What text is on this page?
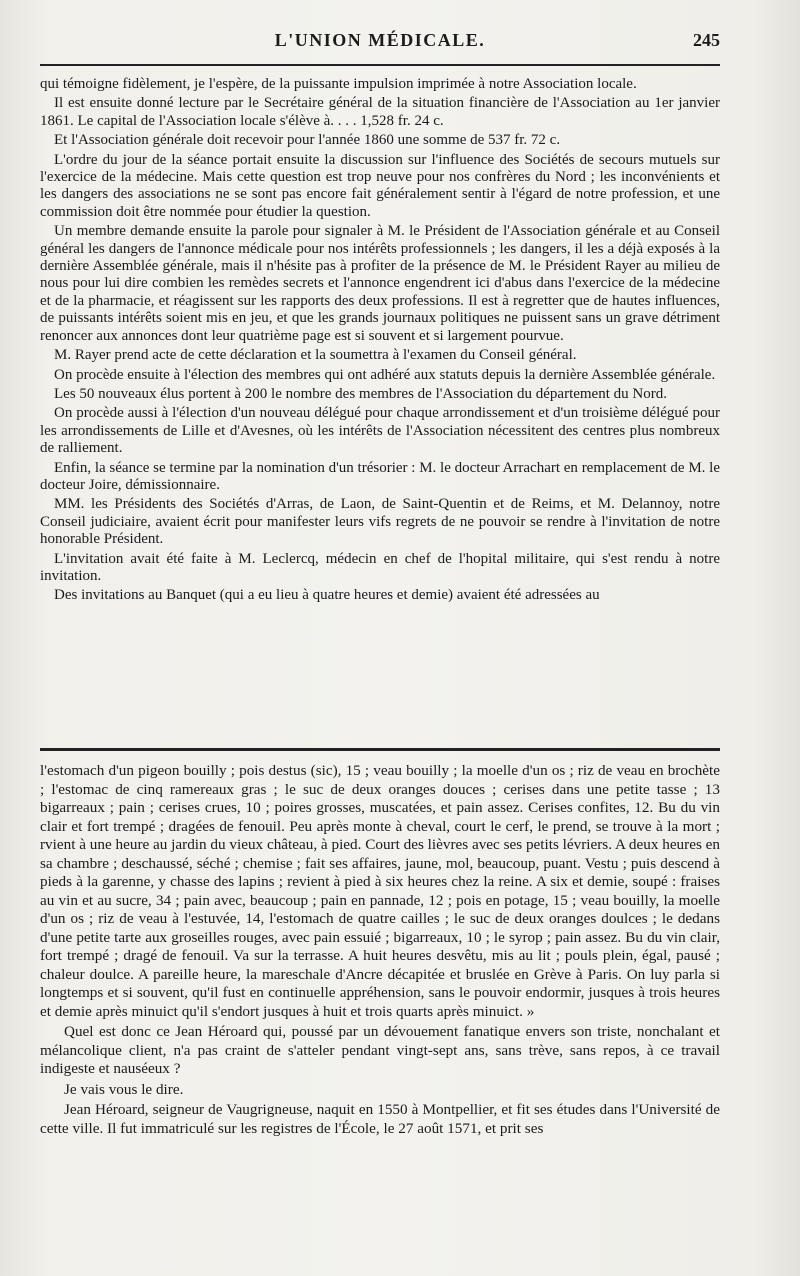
L'UNION MÉDICALE.	245

qui témoigne fidèlement, je l'espère, de la puissante impulsion imprimée à notre Association locale.

Il est ensuite donné lecture par le Secrétaire général de la situation financière de l'Association au 1er janvier 1861. Le capital de l'Association locale s'élève à. . . . 1,528 fr. 24 c.

Et l'Association générale doit recevoir pour l'année 1860 une somme de 537 fr. 72 c.

L'ordre du jour de la séance portait ensuite la discussion sur l'influence des Sociétés de secours mutuels sur l'exercice de la médecine. Mais cette question est trop neuve pour nos confrères du Nord ; les inconvénients et les dangers des associations ne se sont pas encore fait généralement sentir à l'égard de notre profession, et une commission doit être nommée pour étudier la question.

Un membre demande ensuite la parole pour signaler à M. le Président de l'Association générale et au Conseil général les dangers de l'annonce médicale pour nos intérêts professionnels ; les dangers, il les a déjà exposés à la dernière Assemblée générale, mais il n'hésite pas à profiter de la présence de M. le Président Rayer au milieu de nous pour lui dire combien les remèdes secrets et l'annonce engendrent ici d'abus dans l'exercice de la médecine et de la pharmacie, et réagissent sur les rapports des deux professions. Il est à regretter que de hautes influences, de puissants intérêts soient mis en jeu, et que les grands journaux politiques ne puissent sans un grave détriment renoncer aux annonces dont leur quatrième page est si souvent et si largement pourvue.

M. Rayer prend acte de cette déclaration et la soumettra à l'examen du Conseil général.

On procède ensuite à l'élection des membres qui ont adhéré aux statuts depuis la dernière Assemblée générale.

Les 50 nouveaux élus portent à 200 le nombre des membres de l'Association du département du Nord.

On procède aussi à l'élection d'un nouveau délégué pour chaque arrondissement et d'un troisième délégué pour les arrondissements de Lille et d'Avesnes, où les intérêts de l'Association nécessitent des centres plus nombreux de ralliement.

Enfin, la séance se termine par la nomination d'un trésorier : M. le docteur Arrachart en remplacement de M. le docteur Joire, démissionnaire.

MM. les Présidents des Sociétés d'Arras, de Laon, de Saint-Quentin et de Reims, et M. Delannoy, notre Conseil judiciaire, avaient écrit pour manifester leurs vifs regrets de ne pouvoir se rendre à l'invitation de notre honorable Président.

L'invitation avait été faite à M. Leclercq, médecin en chef de l'hopital militaire, qui s'est rendu à notre invitation.

Des invitations au Banquet (qui a eu lieu à quatre heures et demie) avaient été adressées au

l'estomach d'un pigeon bouilly ; pois destus (sic), 15 ; veau bouilly ; la moelle d'un os ; riz de veau en brochète ; l'estomac de cinq ramereaux gras ; le suc de deux oranges douces ; cerises dans une petite tasse ; 13 bigarreaux ; pain ; cerises crues, 10 ; poires grosses, muscatées, et pain assez. Cerises confites, 12. Bu du vin clair et fort trempé ; dragées de fenouil. Peu après monte à cheval, court le cerf, le prend, se trouve à la mort ; rvient à une heure au jardin du vieux château, à pied. Court des lièvres avec ses petits lévriers. A deux heures en sa chambre ; deschaussé, séché ; chemise ; fait ses affaires, jaune, mol, beaucoup, puant. Vestu ; puis descend à pieds à la garenne, y chasse des lapins ; revient à pied à six heures chez la reine. A six et demie, soupé : fraises au vin et au sucre, 34 ; pain avec, beaucoup ; pain en pannade, 12 ; pois en potage, 15 ; veau bouilly, la moelle d'un os ; riz de veau à l'estuvée, 14, l'estomach de quatre cailles ; le suc de deux oranges doulces ; le dedans d'une petite tarte aux groseilles rouges, avec pain essuié ; bigarreaux, 10 ; le syrop ; pain assez. Bu du vin clair, fort trempé ; dragé de fenouil. Va sur la terrasse. A huit heures desvêtu, mis au lit ; pouls plein, égal, pausé ; chaleur doulce. A pareille heure, la mareschale d'Ancre décapitée et bruslée en Grève à Paris. On luy parla si longtemps et si souvent, qu'il fust en continuelle appréhension, sans le pouvoir endormir, jusques à trois heures et demie après minuict qu'il s'endort jusques à huit et trois quarts après minuict. »

Quel est donc ce Jean Héroard qui, poussé par un dévouement fanatique envers son triste, nonchalant et mélancolique client, n'a pas craint de s'atteler pendant vingt-sept ans, sans trève, sans repos, à ce travail indigeste et nauséeux ?

Je vais vous le dire.

Jean Héroard, seigneur de Vaugrigneuse, naquit en 1550 à Montpellier, et fit ses études dans l'Université de cette ville. Il fut immatriculé sur les registres de l'École, le 27 août 1571, et prit ses
